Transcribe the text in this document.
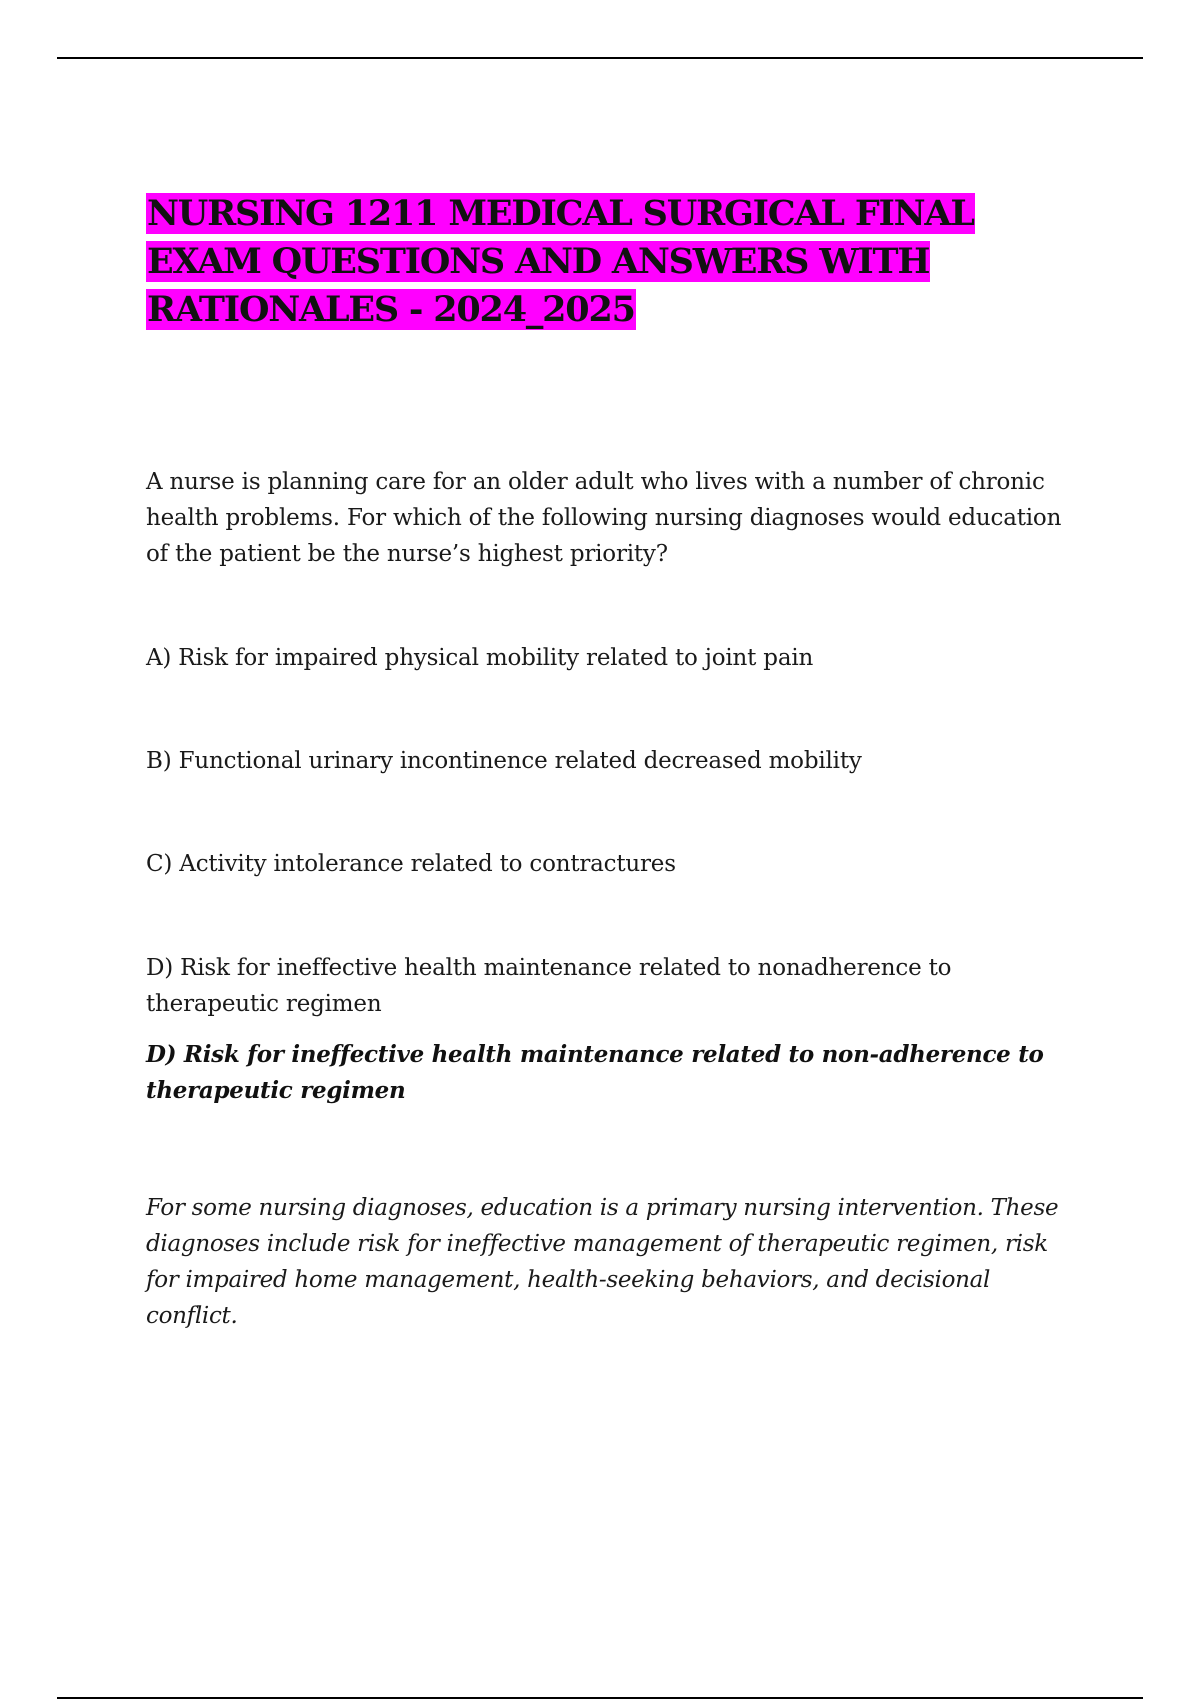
NURSING 1211 MEDICAL SURGICAL FINAL EXAM QUESTIONS AND ANSWERS WITH RATIONALES - 2024_2025

A nurse is planning care for an older adult who lives with a number of chronic health problems. For which of the following nursing diagnoses would education of the patient be the nurse’s highest priority?

A) Risk for impaired physical mobility related to joint pain

B) Functional urinary incontinence related decreased mobility

C) Activity intolerance related to contractures

D) Risk for ineffective health maintenance related to nonadherence to therapeutic regimen

D) Risk for ineffective health maintenance related to non-adherence to therapeutic regimen

For some nursing diagnoses, education is a primary nursing intervention. These diagnoses include risk for ineffective management of therapeutic regimen, risk for impaired home management, health-seeking behaviors, and decisional conflict.
